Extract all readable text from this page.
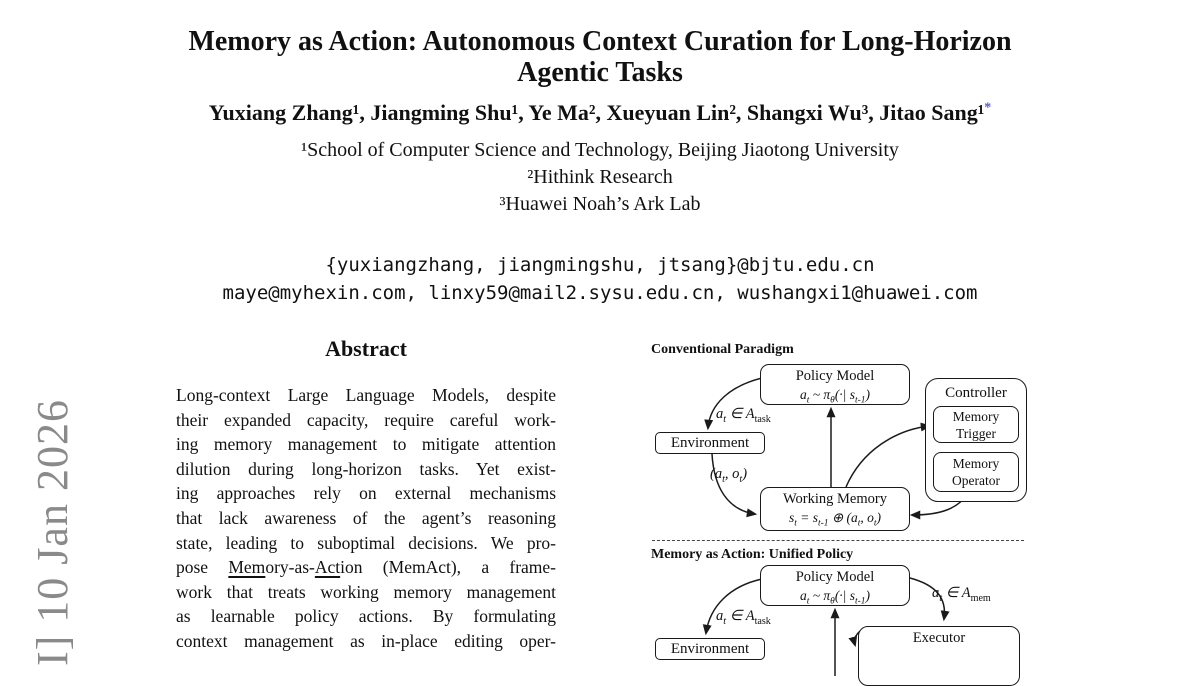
I] 10 Jan 2026
Memory as Action: Autonomous Context Curation for Long-Horizon
Agentic Tasks
Yuxiang Zhang¹, Jiangming Shu¹, Ye Ma², Xueyuan Lin², Shangxi Wu³, Jitao Sang¹*
¹School of Computer Science and Technology, Beijing Jiaotong University
²Hithink Research
³Huawei Noah’s Ark Lab
{yuxiangzhang, jiangmingshu, jtsang}@bjtu.edu.cn
maye@myhexin.com, linxy59@mail2.sysu.edu.cn, wushangxi1@huawei.com
Abstract
Long-context Large Language Models, despite
their expanded capacity, require careful work-
ing memory management to mitigate attention
dilution during long-horizon tasks. Yet exist-
ing approaches rely on external mechanisms
that lack awareness of the agent’s reasoning
state, leading to suboptimal decisions. We pro-
pose Memory-as-Action (MemAct), a frame-
work that treats working memory management
as learnable policy actions. By formulating
context management as in-place editing oper-
Conventional Paradigm
Policy Model
$a_t$ ~ $\pi_\theta(\cdot|$ $s_{t-1}$)	Controller
Memory Trigger
Memory Operator
Environment
Working Memory
$s_t = s_{t-1}$ ⊕ ($a_t$, $o_t$)
$a_t$ ∈ $A_{task}$
($a_t$, $o_t$)
Memory as Action: Unified Policy
Policy Model
$a_t$ ~ $\pi_\theta(\cdot|$ $s_{t-1}$)
Executor
Environment
$a_t$ ∈ $A_{task}$
$a_t$ ∈ $A_{mem}$
